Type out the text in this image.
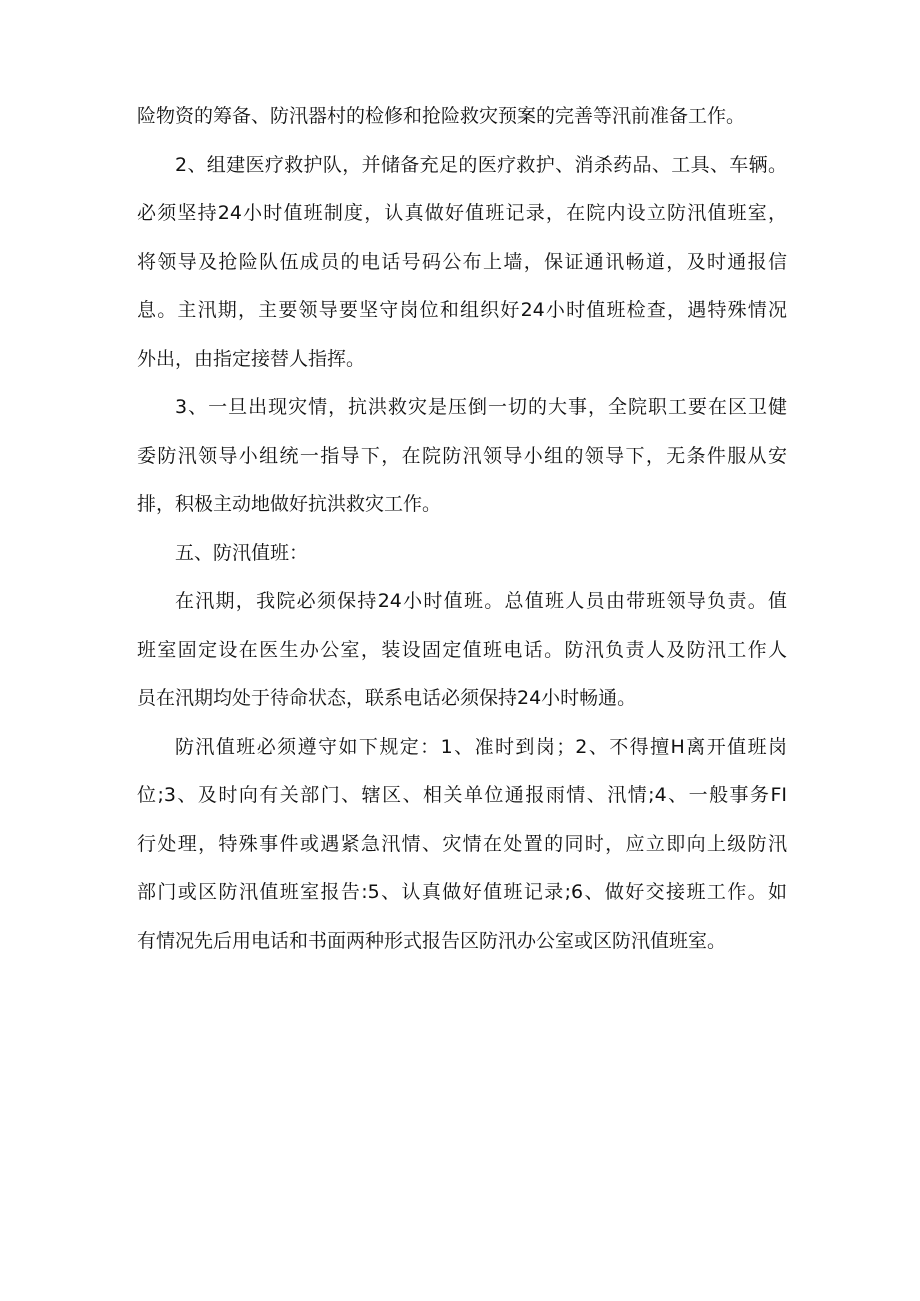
险物资的筹备、防汛器村的检修和抢险救灾预案的完善等汛前准备工作。

2、组建医疗救护队，并储备充足的医疗救护、消杀药品、工具、车辆。
必须坚持24小时值班制度，认真做好值班记录，在院内设立防汛值班室，
将领导及抢险队伍成员的电话号码公布上墙，保证通讯畅道，及时通报信
息。主汛期，主要领导要坚守岗位和组织好24小时值班检查，遇特殊情况
外出，由指定接替人指挥。

3、一旦出现灾情，抗洪救灾是压倒一切的大事，全院职工要在区卫健
委防汛领导小组统一指导下，在院防汛领导小组的领导下，无条件服从安
排，积极主动地做好抗洪救灾工作。

五、防汛值班：

在汛期，我院必须保持24小时值班。总值班人员由带班领导负责。值
班室固定设在医生办公室，装设固定值班电话。防汛负责人及防汛工作人
员在汛期均处于待命状态，联系电话必须保持24小时畅通。

防汛值班必须遵守如下规定：1、准时到岗；2、不得擅H离开值班岗
位;3、及时向有关部门、辖区、相关单位通报雨情、汛情;4、一般事务FI
行处理，特殊事件或遇紧急汛情、灾情在处置的同时，应立即向上级防汛
部门或区防汛值班室报告:5、认真做好值班记录;6、做好交接班工作。如
有情况先后用电话和书面两种形式报告区防汛办公室或区防汛值班室。
